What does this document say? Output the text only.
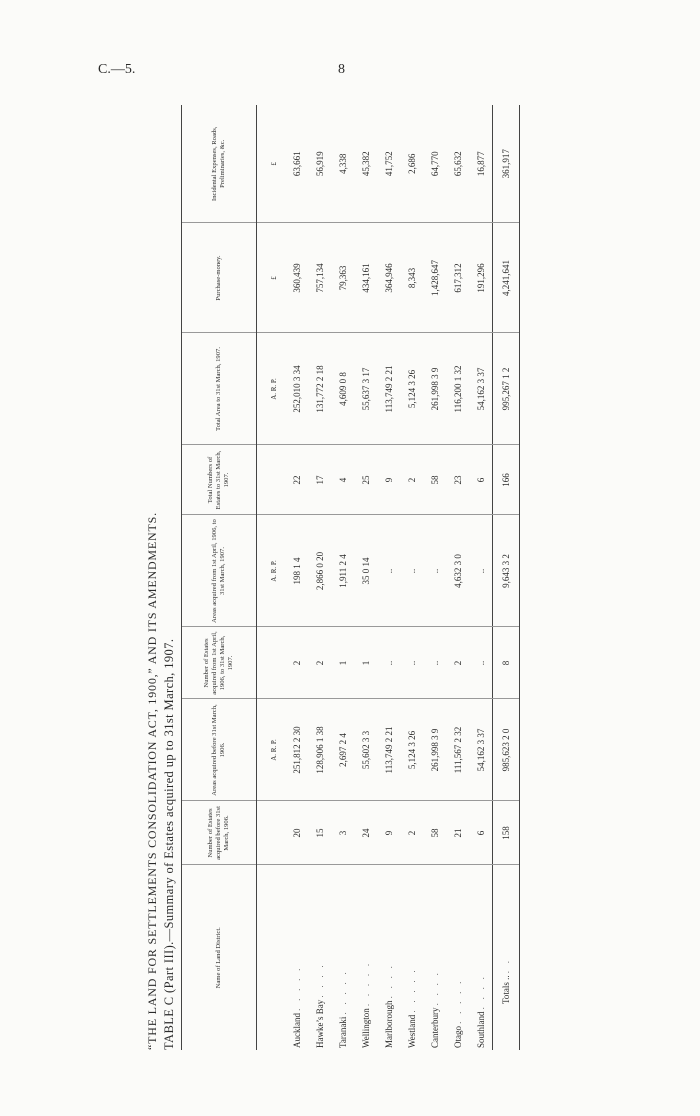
C.—5.	8
“THE LAND FOR SETTLEMENTS CONSOLIDATION ACT, 1900,” AND ITS AMENDMENTS. TABLE C (Part III).—Summary of Estates acquired up to 31st March, 1907.	Name of Land District.	Number of Estates acquired before 31st March, 1906.	Areas acquired before 31st March, 1906.	Number of Estates acquired from 1st April, 1906, to 31st March, 1907.	Areas acquired from 1st April, 1906, to 31st March, 1907.	Total Numbers of Estates to 31st March, 1907.	Total Area to 31st March, 1907.	Purchase-money.	Incidental Expenses, Roads, Preliminaries, &c.
		A. R. P.		A. R. P.		A. R. P.	£	£
Auckland . . . . .	20	251,812 2 30	2	198 1 4	22	252,010 3 34	360,439	63,661
Hawke’s Bay . . . .	15	128,906 1 38	2	2,866 0 20	17	131,772 2 18	757,134	56,919
Taranaki . . . . .	3	2,697 2 4	1	1,911 2 4	4	4,609 0 8	79,363	4,338
Wellington . . . . .	24	55,602 3 3	1	35 0 14	25	55,637 3 17	434,161	45,382
Marlborough . . . .	9	113,749 2 21	..	..	9	113,749 2 21	364,946	41,752
Westland . . . . .	2	5,124 3 26	..	..	2	5,124 3 26	8,343	2,686
Canterbury . . . .	58	261,998 3 9	..	..	58	261,998 3 9	1,428,647	64,770
Otago . . . . .	21	111,567 2 32	2	4,632 3 0	23	116,200 1 32	617,312	65,632
Southland . . . .	6	54,162 3 37	..	..	6	54,162 3 37	191,296	16,877
Totals .. . .	158	985,623 2 0	8	9,643 3 2	166	995,267 1 2	4,241,641	361,917
